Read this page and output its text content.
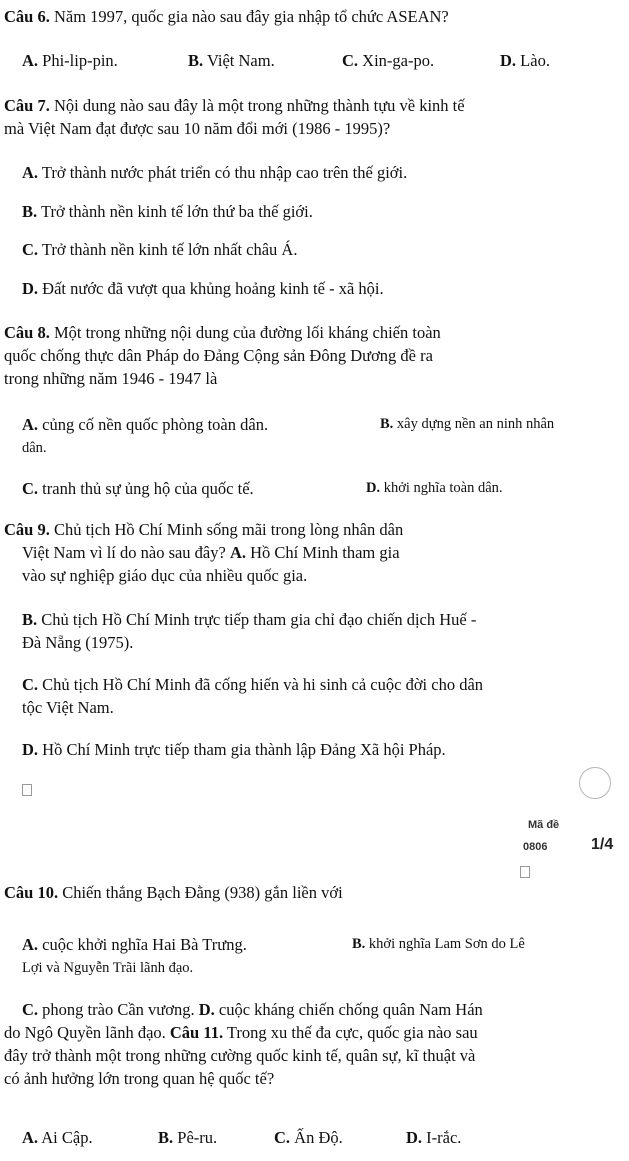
Câu 6. Năm 1997, quốc gia nào sau đây gia nhập tổ chức ASEAN?
A. Phi-lip-pin.	B. Việt Nam.	C. Xin-ga-po.	D. Lào.
Câu 7. Nội dung nào sau đây là một trong những thành tựu về kinh tế
mà Việt Nam đạt được sau 10 năm đổi mới (1986 - 1995)?
A. Trở thành nước phát triển có thu nhập cao trên thế giới.
B. Trở thành nền kinh tế lớn thứ ba thế giới.
C. Trở thành nền kinh tế lớn nhất châu Á.
D. Đất nước đã vượt qua khủng hoảng kinh tế - xã hội.
Câu 8. Một trong những nội dung của đường lối kháng chiến toàn
quốc chống thực dân Pháp do Đảng Cộng sản Đông Dương đề ra
trong những năm 1946 - 1947 là
A. củng cố nền quốc phòng toàn dân.	B. xây dựng nền an ninh nhân
dân.
C. tranh thủ sự ủng hộ của quốc tế.	D. khởi nghĩa toàn dân.
Câu 9. Chủ tịch Hồ Chí Minh sống mãi trong lòng nhân dân
Việt Nam vì lí do nào sau đây? A. Hồ Chí Minh tham gia
vào sự nghiệp giáo dục của nhiều quốc gia.
B. Chủ tịch Hồ Chí Minh trực tiếp tham gia chỉ đạo chiến dịch Huế -
Đà Nẵng (1975).
C. Chủ tịch Hồ Chí Minh đã cống hiến và hi sinh cả cuộc đời cho dân
tộc Việt Nam.
D. Hồ Chí Minh trực tiếp tham gia thành lập Đảng Xã hội Pháp.
Mã đề
0806	1/4
Câu 10. Chiến thắng Bạch Đằng (938) gắn liền với
A. cuộc khởi nghĩa Hai Bà Trưng.	B. khởi nghĩa Lam Sơn do Lê
Lợi và Nguyễn Trãi lãnh đạo.
C. phong trào Cần vương. D. cuộc kháng chiến chống quân Nam Hán
do Ngô Quyền lãnh đạo. Câu 11. Trong xu thế đa cực, quốc gia nào sau
đây trở thành một trong những cường quốc kinh tế, quân sự, kĩ thuật và
có ảnh hưởng lớn trong quan hệ quốc tế?
A. Ai Cập.	B. Pê-ru.	C. Ấn Độ.	D. I-rắc.
